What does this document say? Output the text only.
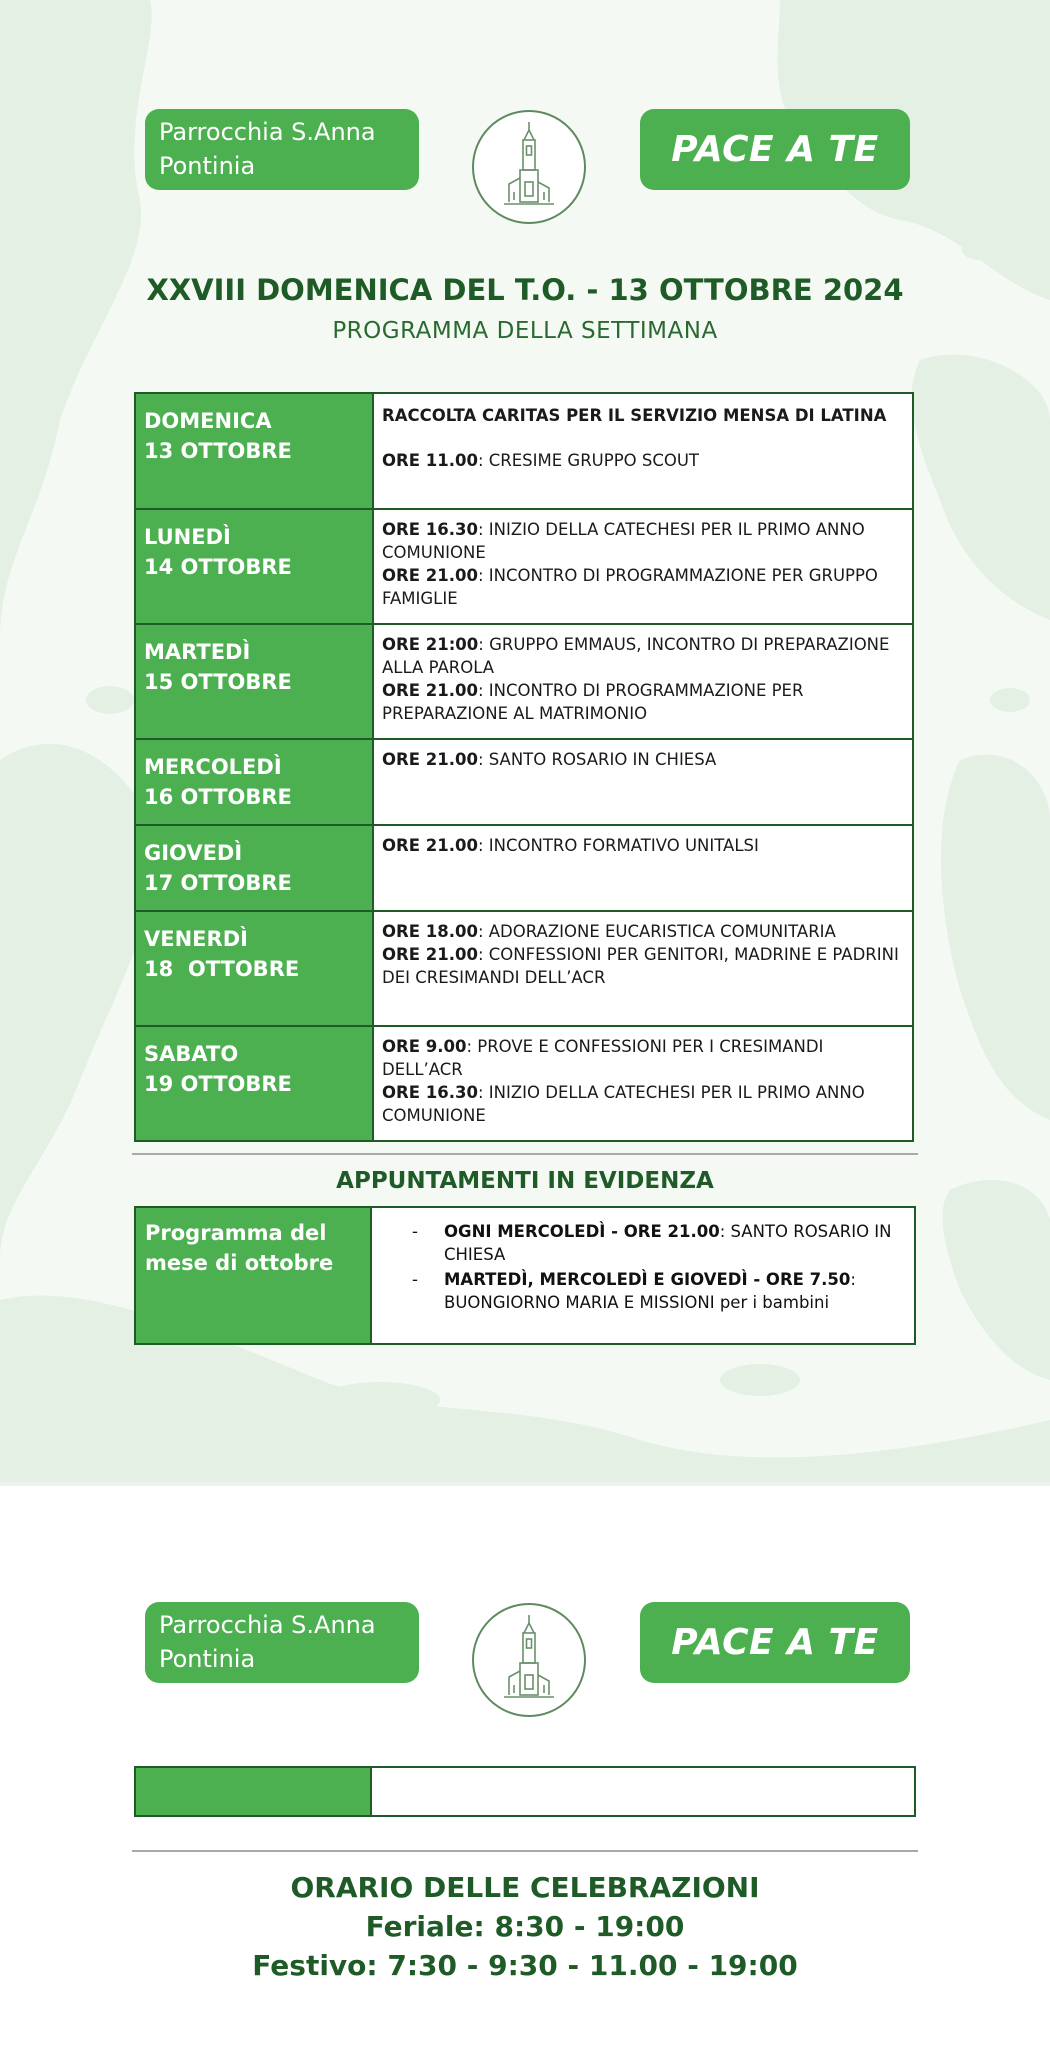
Parrocchia S.Anna
Pontinia	PACE A TE
XXVIII DOMENICA DEL T.O. - 13 OTTOBRE 2024
PROGRAMMA DELLA SETTIMANA
DOMENICA
13 OTTOBRE	RACCOLTA CARITAS PER IL SERVIZIO MENSA DI LATINA
ORE 11.00: CRESIME GRUPPO SCOUT

LUNEDÌ
14 OTTOBRE	ORE 16.30: INIZIO DELLA CATECHESI PER IL PRIMO ANNO COMUNIONE
ORE 21.00: INCONTRO DI PROGRAMMAZIONE PER GRUPPO FAMIGLIE

MARTEDÌ
15 OTTOBRE	ORE 21:00: GRUPPO EMMAUS, INCONTRO DI PREPARAZIONE ALLA PAROLA
ORE 21.00: INCONTRO DI PROGRAMMAZIONE PER PREPARAZIONE AL MATRIMONIO

MERCOLEDÌ
16 OTTOBRE	ORE 21.00: SANTO ROSARIO IN CHIESA

GIOVEDÌ
17 OTTOBRE	ORE 21.00: INCONTRO FORMATIVO UNITALSI

VENERDÌ
18  OTTOBRE	ORE 18.00: ADORAZIONE EUCARISTICA COMUNITARIA
ORE 21.00: CONFESSIONI PER GENITORI, MADRINE E PADRINI DEI CRESIMANDI DELL’ACR

SABATO
19 OTTOBRE	ORE 9.00: PROVE E CONFESSIONI PER I CRESIMANDI DELL’ACR
ORE 16.30: INIZIO DELLA CATECHESI PER IL PRIMO ANNO COMUNIONE
APPUNTAMENTI IN EVIDENZA
Programma del
mese di ottobre
- OGNI MERCOLEDÌ - ORE 21.00: SANTO ROSARIO IN CHIESA
- MARTEDÌ, MERCOLEDÌ E GIOVEDÌ - ORE 7.50: BUONGIORNO MARIA E MISSIONI per i bambini
Parrocchia S.Anna
Pontinia	PACE A TE
ORARIO DELLE CELEBRAZIONI
Feriale: 8:30 - 19:00
Festivo: 7:30 - 9:30 - 11.00 - 19:00
